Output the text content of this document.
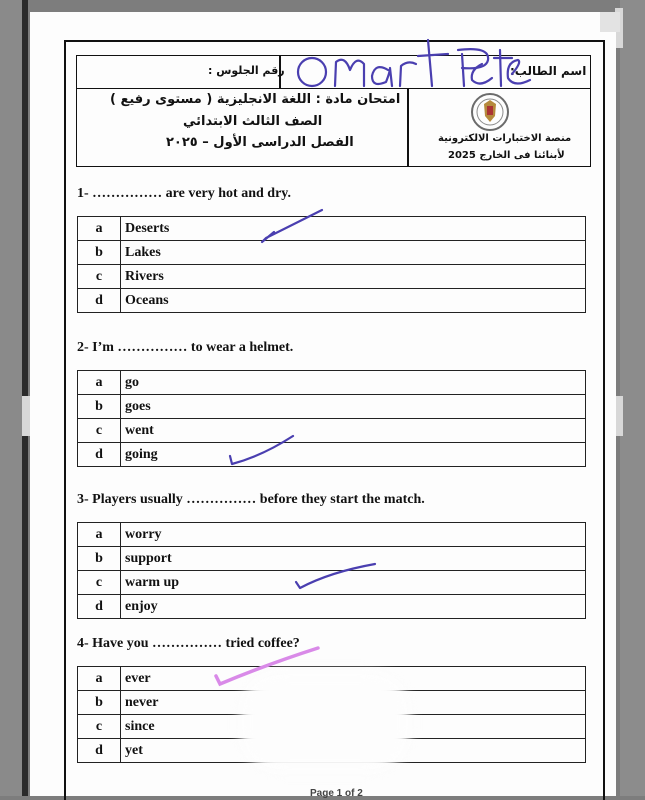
اسم الطالب:
رقم الجلوس :
امتحان مادة : اللغة الانجليزية ( مستوى رفيع )
الصف الثالث الابتدائي
الفصل الدراسى الأول – ٢٠٢٥	منصة الاختبارات الالكترونية
لأبنائنا فى الخارج 2025
1- …………… are very hot and dry.
a	Deserts
b	Lakes
c	Rivers
d	Oceans
2- I’m …………… to wear a helmet.
a	go
b	goes
c	went
d	going
3- Players usually …………… before they start the match.
a	worry
b	support
c	warm up
d	enjoy
4- Have you …………… tried coffee?
a	ever
b	never
c	since
d	yet
Page 1 of 2
